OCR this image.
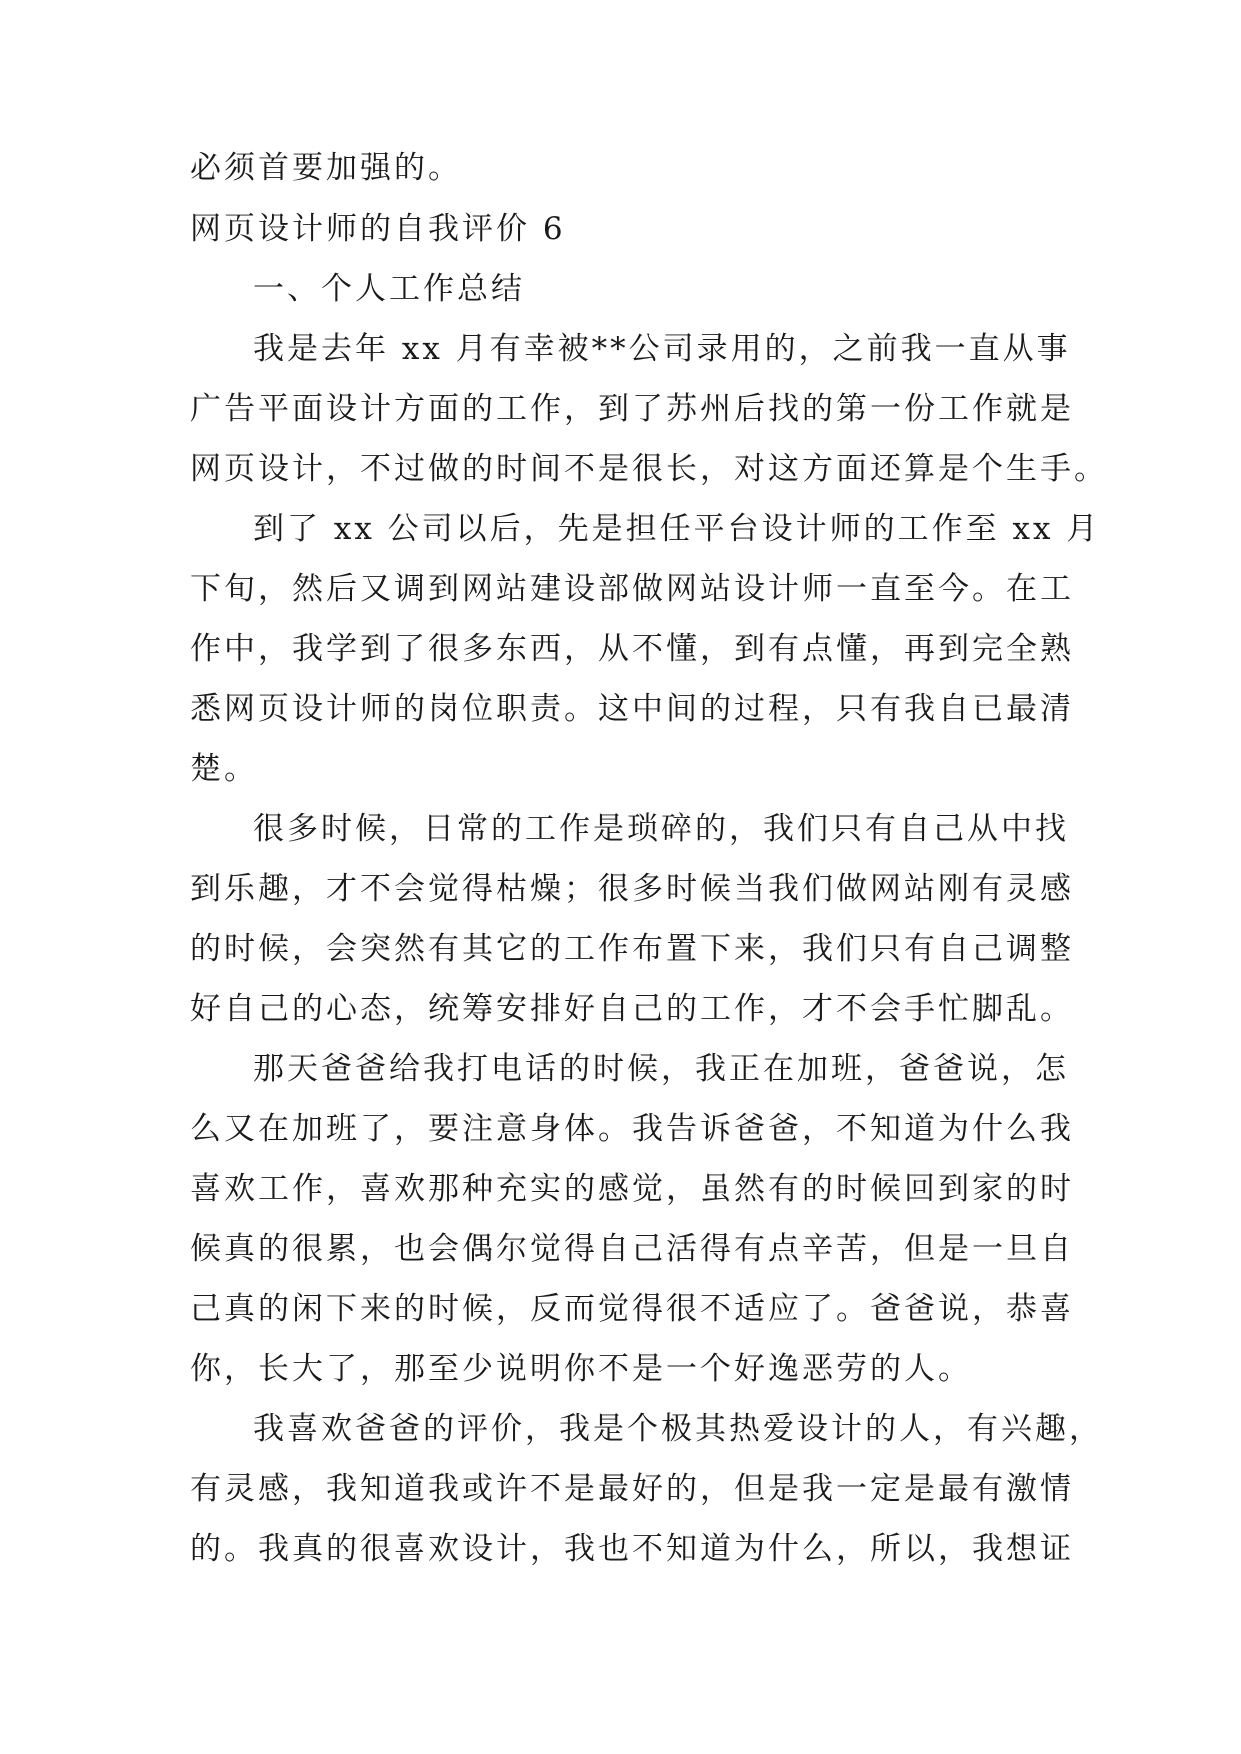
必须首要加强的。

网页设计师的自我评价 6

一、个人工作总结

我是去年 xx 月有幸被**公司录用的，之前我一直从事

广告平面设计方面的工作，到了苏州后找的第一份工作就是

网页设计，不过做的时间不是很长，对这方面还算是个生手。

到了 xx 公司以后，先是担任平台设计师的工作至 xx 月

下旬，然后又调到网站建设部做网站设计师一直至今。在工

作中，我学到了很多东西，从不懂，到有点懂，再到完全熟

悉网页设计师的岗位职责。这中间的过程，只有我自已最清

楚。

很多时候，日常的工作是琐碎的，我们只有自己从中找

到乐趣，才不会觉得枯燥；很多时候当我们做网站刚有灵感

的时候，会突然有其它的工作布置下来，我们只有自己调整

好自己的心态，统筹安排好自己的工作，才不会手忙脚乱。

那天爸爸给我打电话的时候，我正在加班，爸爸说，怎

么又在加班了，要注意身体。我告诉爸爸，不知道为什么我

喜欢工作，喜欢那种充实的感觉，虽然有的时候回到家的时

候真的很累，也会偶尔觉得自己活得有点辛苦，但是一旦自

己真的闲下来的时候，反而觉得很不适应了。爸爸说，恭喜

你，长大了，那至少说明你不是一个好逸恶劳的人。

我喜欢爸爸的评价，我是个极其热爱设计的人，有兴趣，

有灵感，我知道我或许不是最好的，但是我一定是最有激情

的。我真的很喜欢设计，我也不知道为什么，所以，我想证
